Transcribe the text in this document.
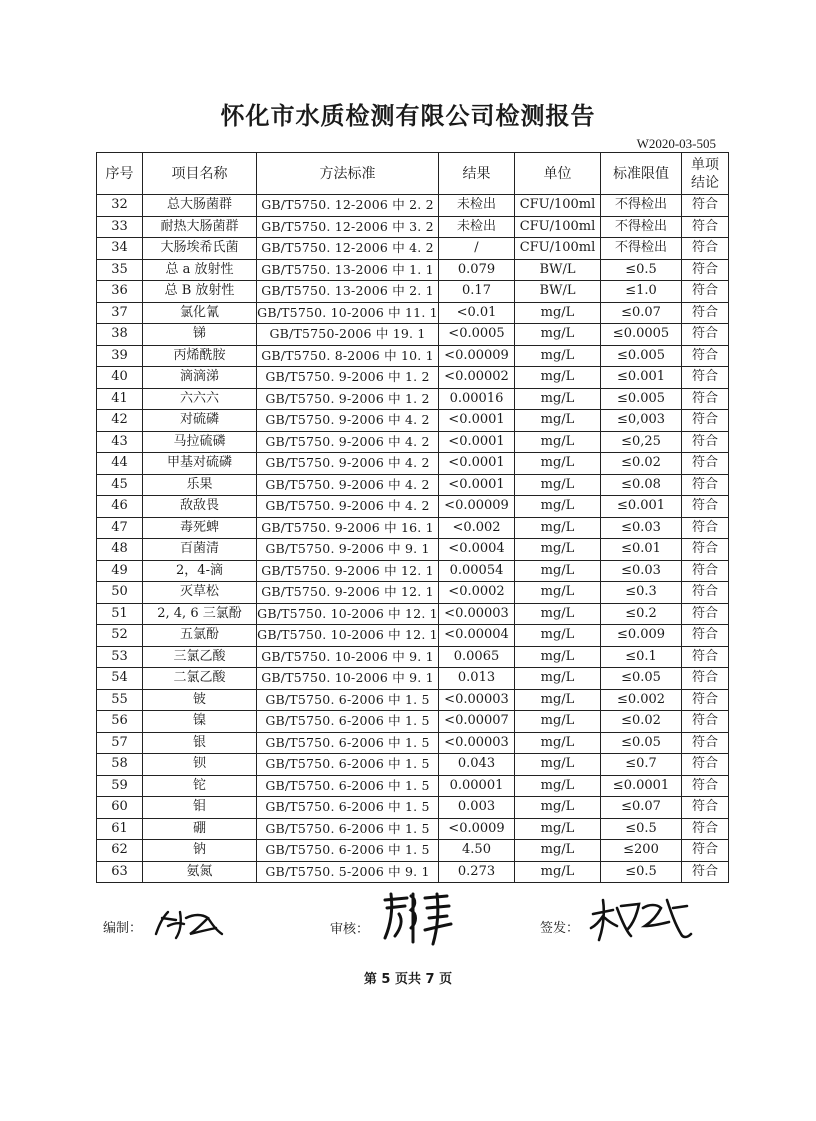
怀化市水质检测有限公司检测报告
W2020-03-505
序号	项目名称	方法标准	结果	单位	标准限值	单项结论
32	总大肠菌群	GB/T5750. 12-2006 中 2. 2	未检出	CFU/100ml	不得检出	符合
33	耐热大肠菌群	GB/T5750. 12-2006 中 3. 2	未检出	CFU/100ml	不得检出	符合
34	大肠埃希氏菌	GB/T5750. 12-2006 中 4. 2	/	CFU/100ml	不得检出	符合
35	总 a 放射性	GB/T5750. 13-2006 中 1. 1	0.079	BW/L	≤0.5	符合
36	总 B 放射性	GB/T5750. 13-2006 中 2. 1	0.17	BW/L	≤1.0	符合
37	氯化氰	GB/T5750. 10-2006 中 11. 1	<0.01	mg/L	≤0.07	符合
38	锑	GB/T5750-2006 中 19. 1	<0.0005	mg/L	≤0.0005	符合
39	丙烯酰胺	GB/T5750. 8-2006 中 10. 1	<0.00009	mg/L	≤0.005	符合
40	滴滴涕	GB/T5750. 9-2006 中 1. 2	<0.00002	mg/L	≤0.001	符合
41	六六六	GB/T5750. 9-2006 中 1. 2	0.00016	mg/L	≤0.005	符合
42	对硫磷	GB/T5750. 9-2006 中 4. 2	<0.0001	mg/L	≤0,003	符合
43	马拉硫磷	GB/T5750. 9-2006 中 4. 2	<0.0001	mg/L	≤0,25	符合
44	甲基对硫磷	GB/T5750. 9-2006 中 4. 2	<0.0001	mg/L	≤0.02	符合
45	乐果	GB/T5750. 9-2006 中 4. 2	<0.0001	mg/L	≤0.08	符合
46	敌敌畏	GB/T5750. 9-2006 中 4. 2	<0.00009	mg/L	≤0.001	符合
47	毒死蜱	GB/T5750. 9-2006 中 16. 1	<0.002	mg/L	≤0.03	符合
48	百菌清	GB/T5750. 9-2006 中 9. 1	<0.0004	mg/L	≤0.01	符合
49	2，4-滴	GB/T5750. 9-2006 中 12. 1	0.00054	mg/L	≤0.03	符合
50	灭草松	GB/T5750. 9-2006 中 12. 1	<0.0002	mg/L	≤0.3	符合
51	2, 4, 6 三氯酚	GB/T5750. 10-2006 中 12. 1	<0.00003	mg/L	≤0.2	符合
52	五氯酚	GB/T5750. 10-2006 中 12. 1	<0.00004	mg/L	≤0.009	符合
53	三氯乙酸	GB/T5750. 10-2006 中 9. 1	0.0065	mg/L	≤0.1	符合
54	二氯乙酸	GB/T5750. 10-2006 中 9. 1	0.013	mg/L	≤0.05	符合
55	铍	GB/T5750. 6-2006 中 1. 5	<0.00003	mg/L	≤0.002	符合
56	镍	GB/T5750. 6-2006 中 1. 5	<0.00007	mg/L	≤0.02	符合
57	银	GB/T5750. 6-2006 中 1. 5	<0.00003	mg/L	≤0.05	符合
58	钡	GB/T5750. 6-2006 中 1. 5	0.043	mg/L	≤0.7	符合
59	铊	GB/T5750. 6-2006 中 1. 5	0.00001	mg/L	≤0.0001	符合
60	钼	GB/T5750. 6-2006 中 1. 5	0.003	mg/L	≤0.07	符合
61	硼	GB/T5750. 6-2006 中 1. 5	<0.0009	mg/L	≤0.5	符合
62	钠	GB/T5750. 6-2006 中 1. 5	4.50	mg/L	≤200	符合
63	氨氮	GB/T5750. 5-2006 中 9. 1	0.273	mg/L	≤0.5	符合
编制：	审核：	签发：
第 5 页共 7 页
